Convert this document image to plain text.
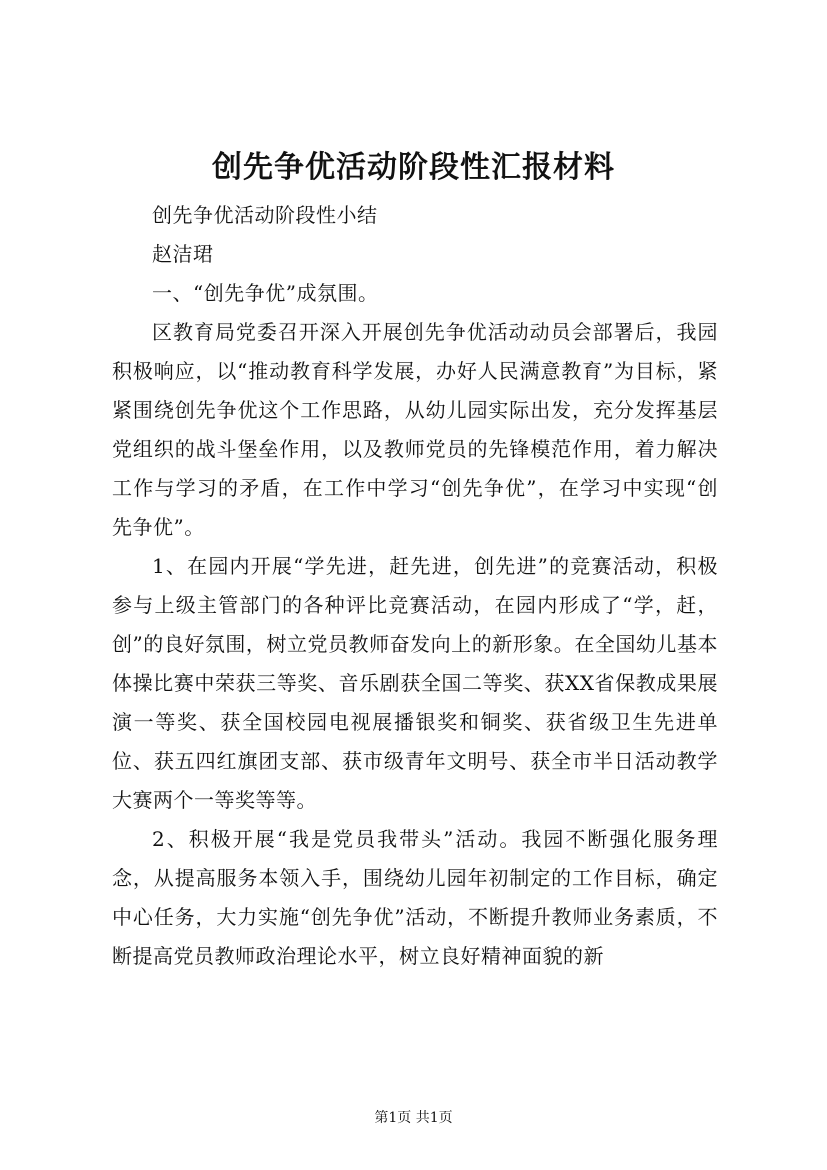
创先争优活动阶段性汇报材料

创先争优活动阶段性小结

赵洁珺

一、“创先争优”成氛围。

区教育局党委召开深入开展创先争优活动动员会部署后，我园积极响应，以“推动教育科学发展，办好人民满意教育”为目标，紧紧围绕创先争优这个工作思路，从幼儿园实际出发，充分发挥基层党组织的战斗堡垒作用，以及教师党员的先锋模范作用，着力解决工作与学习的矛盾，在工作中学习“创先争优”，在学习中实现“创先争优”。

1、在园内开展“学先进，赶先进，创先进”的竞赛活动，积极参与上级主管部门的各种评比竞赛活动，在园内形成了“学，赶，创”的良好氛围，树立党员教师奋发向上的新形象。在全国幼儿基本体操比赛中荣获三等奖、音乐剧获全国二等奖、获XX省保教成果展演一等奖、获全国校园电视展播银奖和铜奖、获省级卫生先进单位、获五四红旗团支部、获市级青年文明号、获全市半日活动教学大赛两个一等奖等等。

2、积极开展“我是党员我带头”活动。我园不断强化服务理念，从提高服务本领入手，围绕幼儿园年初制定的工作目标，确定中心任务，大力实施“创先争优”活动，不断提升教师业务素质，不断提高党员教师政治理论水平，树立良好精神面貌的新

第1页 共1页
